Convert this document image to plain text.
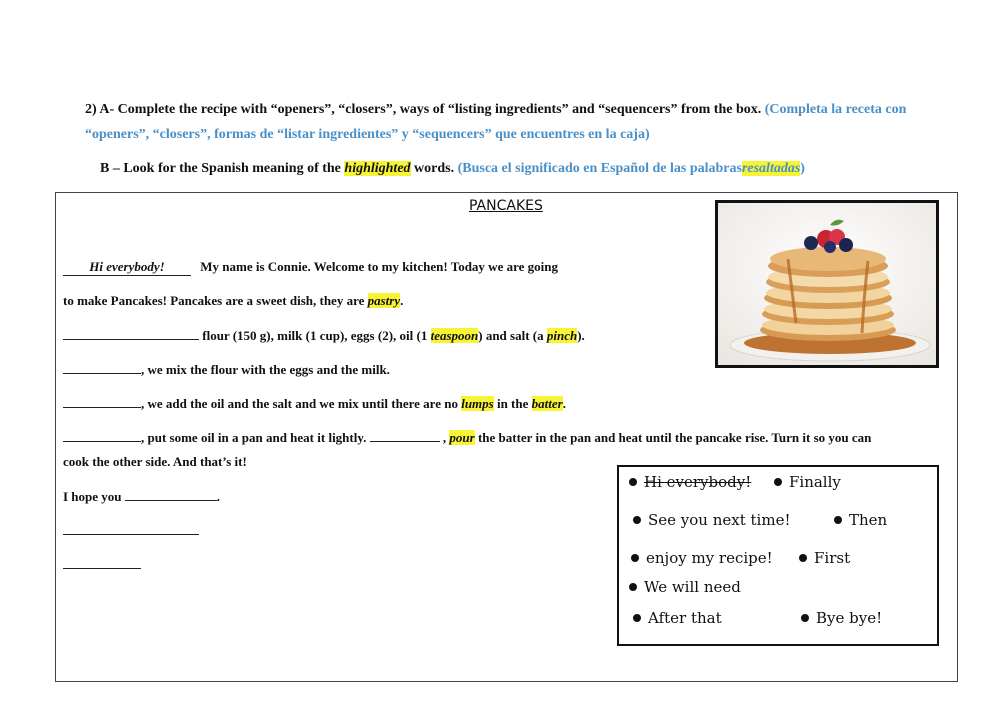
2) A- Complete the recipe with “openers”, “closers”, ways of “listing ingredients” and “sequencers” from the box. (Completa la receta con
“openers”, “closers”, formas de “listar ingredientes” y “sequencers” que encuentres en la caja)
B – Look for the Spanish meaning of the highlighted words. (Busca el significado en Español de las palabrasresaltadas)
PANCAKES
Hi everybody!	My name is Connie. Welcome to my kitchen! Today we are going
to make Pancakes! Pancakes are a sweet dish, they are pastry.
flour (150 g), milk (1 cup), eggs (2), oil (1 teaspoon) and salt (a pinch).
, we mix the flour with the eggs and the milk.
, we add the oil and the salt and we mix until there are no lumps in the batter.
, put some oil in a pan and heat it lightly.	, pour the batter in the pan and heat until the pancake rise. Turn it so you can
cook the other side. And that’s it!
I hope you	.
Hi everybody!	Finally
See you next time!	Then
enjoy my recipe!	First
We will need
After that	Bye bye!
